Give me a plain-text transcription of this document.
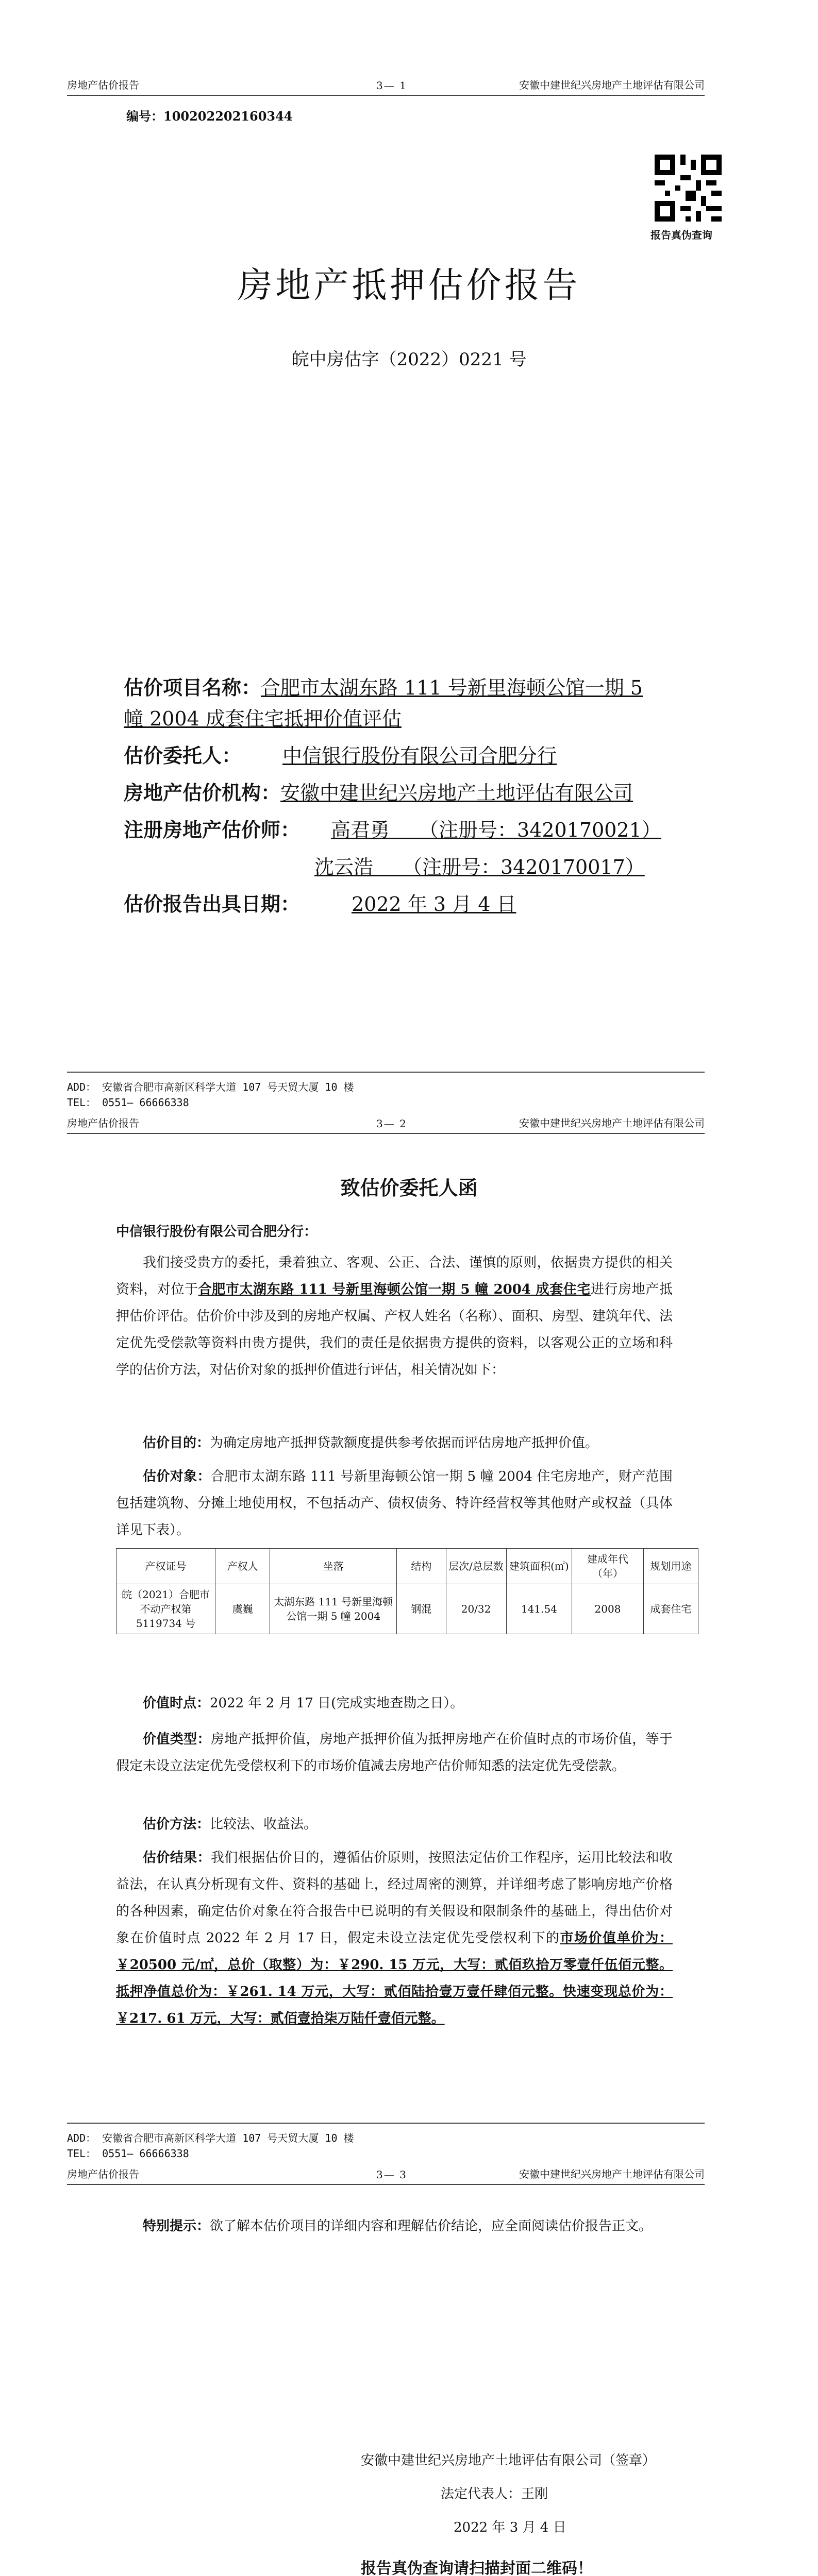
房地产估价报告	3— 1	安徽中建世纪兴房地产土地评估有限公司
编号：10020220216034​4
报告真伪查询
房地产抵押估价报告
皖中房估字（2022）0221 号
估价项目名称：合肥市太湖东路 111 号新里海顿公馆一期 5
幢 2004 成套住宅抵押价值评估
估价委托人： 中信银行股份有限公司合肥分行
房地产估价机构：安徽中建世纪兴房地产土地评估有限公司
注册房地产估价师： 高君勇　　（注册号：3420170021）
沈云浩　　（注册号：3420170017）
估价报告出具日期：	2022 年 3 月 4 日
ADD： 安徽省合肥市高新区科学大道 107 号天贸大厦 10 楼
TEL： 0551— 66666338
房地产估价报告	3— 2	安徽中建世纪兴房地产土地评估有限公司
致估价委托人函
中信银行股份有限公司合肥分行：
我们接受贵方的委托，秉着独立、客观、公正、合法、谨慎的原则，依据贵方提供的相关资料，对位于合肥市太湖东路 111 号新里海顿公馆一期 5 幢 2004 成套住宅进行房地产抵押估价评估。估价价中涉及到的房地产权属、产权人姓名（名称）、面积、房型、建筑年代、法定优先受偿款等资料由贵方提供，我们的责任是依据贵方提供的资料，以客观公正的立场和科学的估价方法，对估价对象的抵押价值进行评估，相关情况如下：
估价目的：为确定房地产抵押贷款额度提供参考依据而评估房地产抵押价值。
估价对象：合肥市太湖东路 111 号新里海顿公馆一期 5 幢 2004 住宅房地产，财产范围包括建筑物、分摊土地使用权，不包括动产、债权债务、特许经营权等其他财产或权益（具体详见下表）。
产权证号	产权人	坐落	结构	层次/总层数	建筑面积(㎡)	建成年代（年）	规划用途
皖（2021）合肥市不动产权第 5119734 号	虞巍	太湖东路 111 号新里海顿公馆一期 5 幢 2004	钢混	20/32	141.54	2008	成套住宅
价值时点：2022 年 2 月 17 日(完成实地查勘之日）。
价值类型：房地产抵押价值，房地产抵押价值为抵押房地产在价值时点的市场价值，等于假定未设立法定优先受偿权利下的市场价值减去房地产估价师知悉的法定优先受偿款。
估价方法：比较法、收益法。
估价结果：我们根据估价目的，遵循估价原则，按照法定估价工作程序，运用比较法和收益法，在认真分析现有文件、资料的基础上，经过周密的测算，并详细考虑了影响房地产价格的各种因素，确定估价对象在符合报告中已说明的有关假设和限制条件的基础上，得出估价对象在价值时点 2022 年 2 月 17 日，假定未设立法定优先受偿权利下的市场价值单价为：￥20500 元/㎡，总价（取整）为：￥290. 15 万元，大写：贰佰玖拾万零壹仟伍佰元整。抵押净值总价为：￥261. 14 万元，大写：贰佰陆拾壹万壹仟肆佰元整。快速变现总价为：￥217. 61 万元，大写：贰佰壹拾柒万陆仟壹佰元整。
ADD： 安徽省合肥市高新区科学大道 107 号天贸大厦 10 楼
TEL： 0551— 66666338
房地产估价报告	3— 3	安徽中建世纪兴房地产土地评估有限公司
特别提示：欲了解本估价项目的详细内容和理解估价结论，应全面阅读估价报告正文。
安徽中建世纪兴房地产土地评估有限公司（签章）
法定代表人：王刚
2022 年 3 月 4 日
报告真伪查询请扫描封面二维码！
